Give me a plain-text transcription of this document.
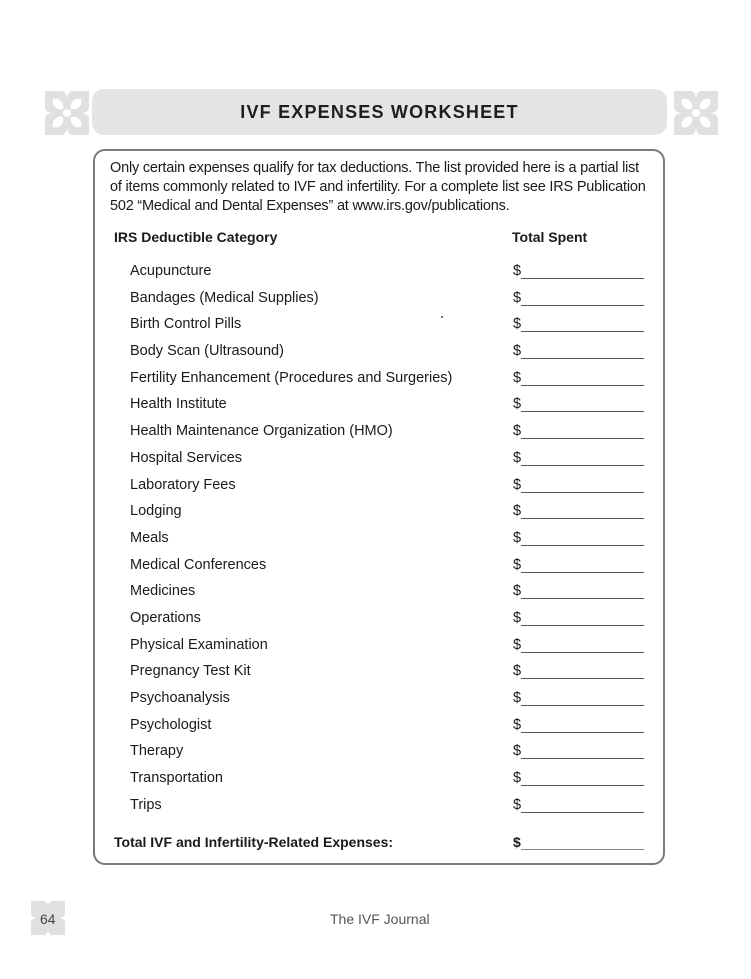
IVF EXPENSES WORKSHEET
Only certain expenses qualify for tax deductions. The list provided here is a partial list of items commonly related to IVF and infertility. For a complete list see IRS Publication 502 “Medical and Dental Expenses” at www.irs.gov/publications.
IRS Deductible Category	Total Spent
Acupuncture	$
Bandages (Medical Supplies)	$
Birth Control Pills	$
Body Scan (Ultrasound)	$
Fertility Enhancement (Procedures and Surgeries)	$
Health Institute	$
Health Maintenance Organization (HMO)	$
Hospital Services	$
Laboratory Fees	$
Lodging	$
Meals	$
Medical Conferences	$
Medicines	$
Operations	$
Physical Examination	$
Pregnancy Test Kit	$
Psychoanalysis	$
Psychologist	$
Therapy	$
Transportation	$
Trips	$
Total IVF and Infertility-Related Expenses:	$
64	The IVF Journal
